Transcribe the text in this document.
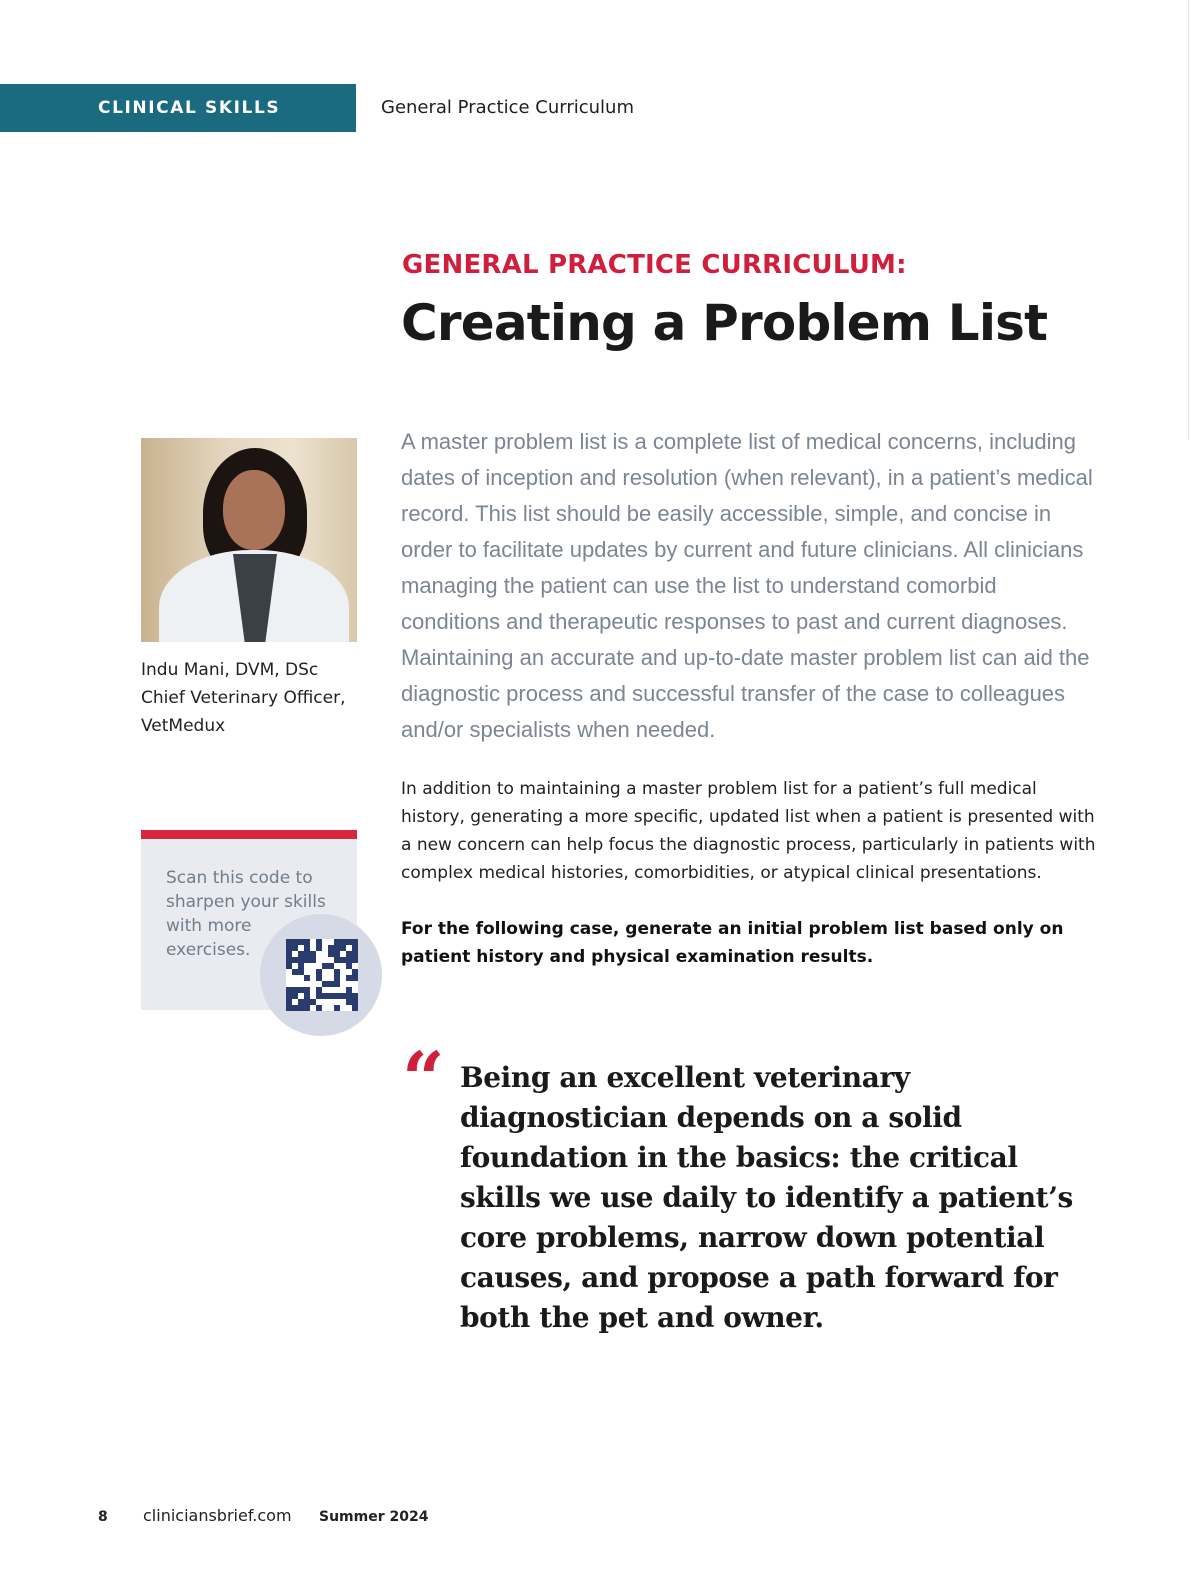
CLINICAL SKILLS	General Practice Curriculum
GENERAL PRACTICE CURRICULUM:
Creating a Problem List
Indu Mani, DVM, DSc
Chief Veterinary Officer,
VetMedux
Scan this code to sharpen your skills with more exercises.

A master problem list is a complete list of medical concerns, including dates of inception and resolution (when relevant), in a patient’s medical record. This list should be easily accessible, simple, and concise in order to facilitate updates by current and future clinicians. All clinicians managing the patient can use the list to understand comorbid conditions and therapeutic responses to past and current diagnoses. Maintaining an accurate and up-to-date master problem list can aid the diagnostic process and successful transfer of the case to colleagues and/or specialists when needed.

In addition to maintaining a master problem list for a patient’s full medical history, generating a more specific, updated list when a patient is presented with a new concern can help focus the diagnostic process, particularly in patients with complex medical histories, comorbidities, or atypical clinical presentations.

For the following case, generate an initial problem list based only on patient history and physical examination results.

“ Being an excellent veterinary diagnostician depends on a solid foundation in the basics: the critical skills we use daily to identify a patient’s core problems, narrow down potential causes, and propose a path forward for both the pet and owner.
8	cliniciansbrief.com	Summer 2024
